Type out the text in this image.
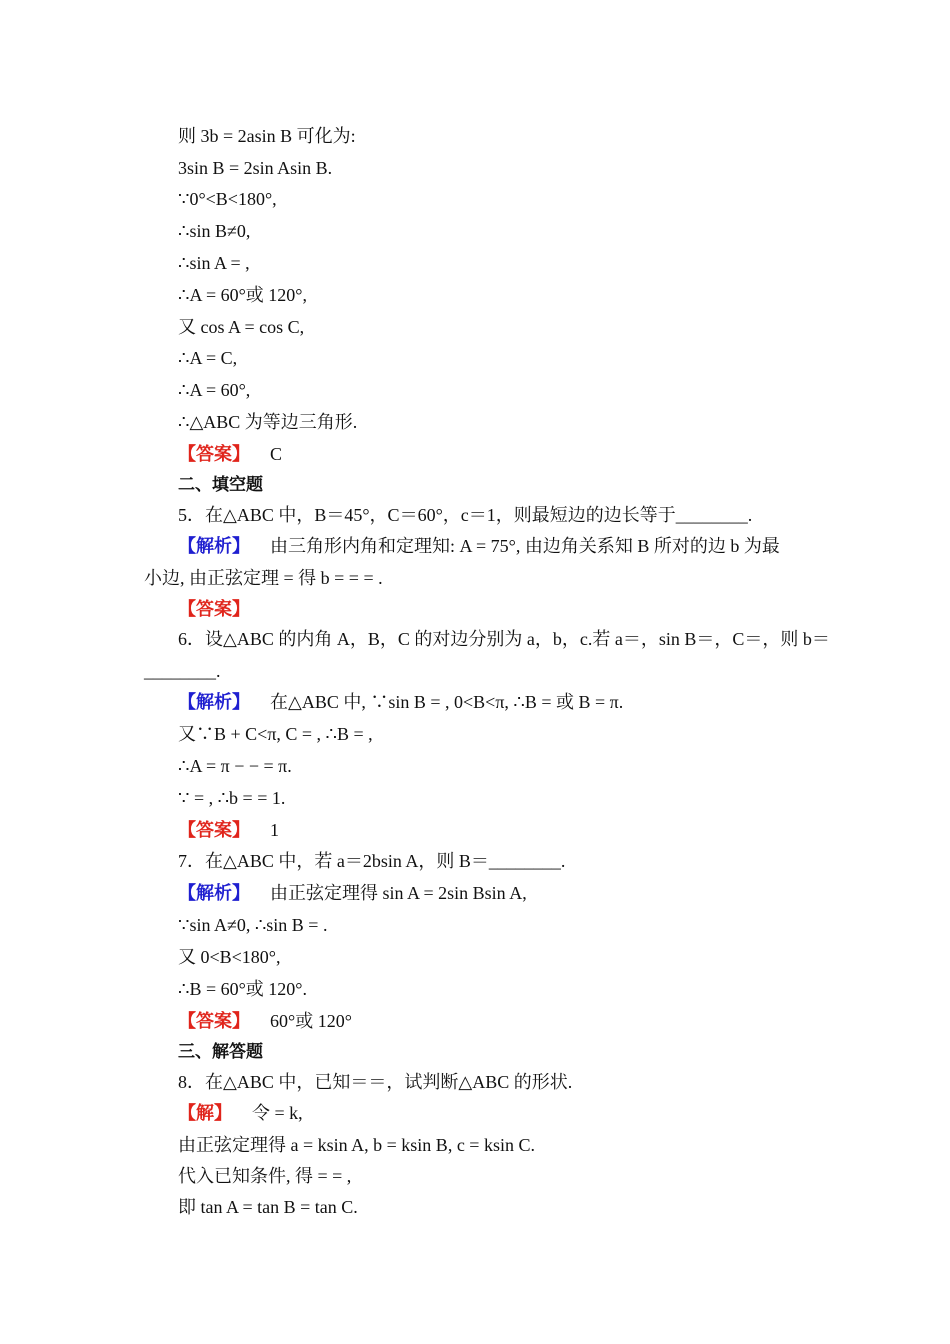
则 3b = 2asin B 可化为:
3sin B = 2sin Asin B.
∵0°<B<180°,
∴sin B≠0,
∴sin A = ,
∴A = 60°或 120°,
又 cos A = cos C,
∴A = C,
∴A = 60°,
∴△ABC 为等边三角形.
【答案】 C
二、填空题
5．在△ABC 中，B＝45°，C＝60°，c＝1，则最短边的边长等于________.
【解析】 由三角形内角和定理知: A = 75°, 由边角关系知 B 所对的边 b 为最
小边, 由正弦定理 = 得 b = = = .
【答案】
6．设△ABC 的内角 A，B，C 的对边分别为 a，b，c.若 a＝，sin B＝，C＝，则 b＝
________.
【解析】 在△ABC 中, ∵sin B = , 0<B<π, ∴B = 或 B = π.
又∵B + C<π, C = , ∴B = ,
∴A = π − − = π.
∵ = , ∴b = = 1.
【答案】 1
7．在△ABC 中，若 a＝2bsin A，则 B＝________.
【解析】 由正弦定理得 sin A = 2sin Bsin A,
∵sin A≠0, ∴sin B = .
又 0<B<180°,
∴B = 60°或 120°.
【答案】 60°或 120°
三、解答题
8．在△ABC 中，已知＝＝，试判断△ABC 的形状.
【解】 令 = k,
由正弦定理得 a = ksin A, b = ksin B, c = ksin C.
代入已知条件, 得 = = ,
即 tan A = tan B = tan C.
